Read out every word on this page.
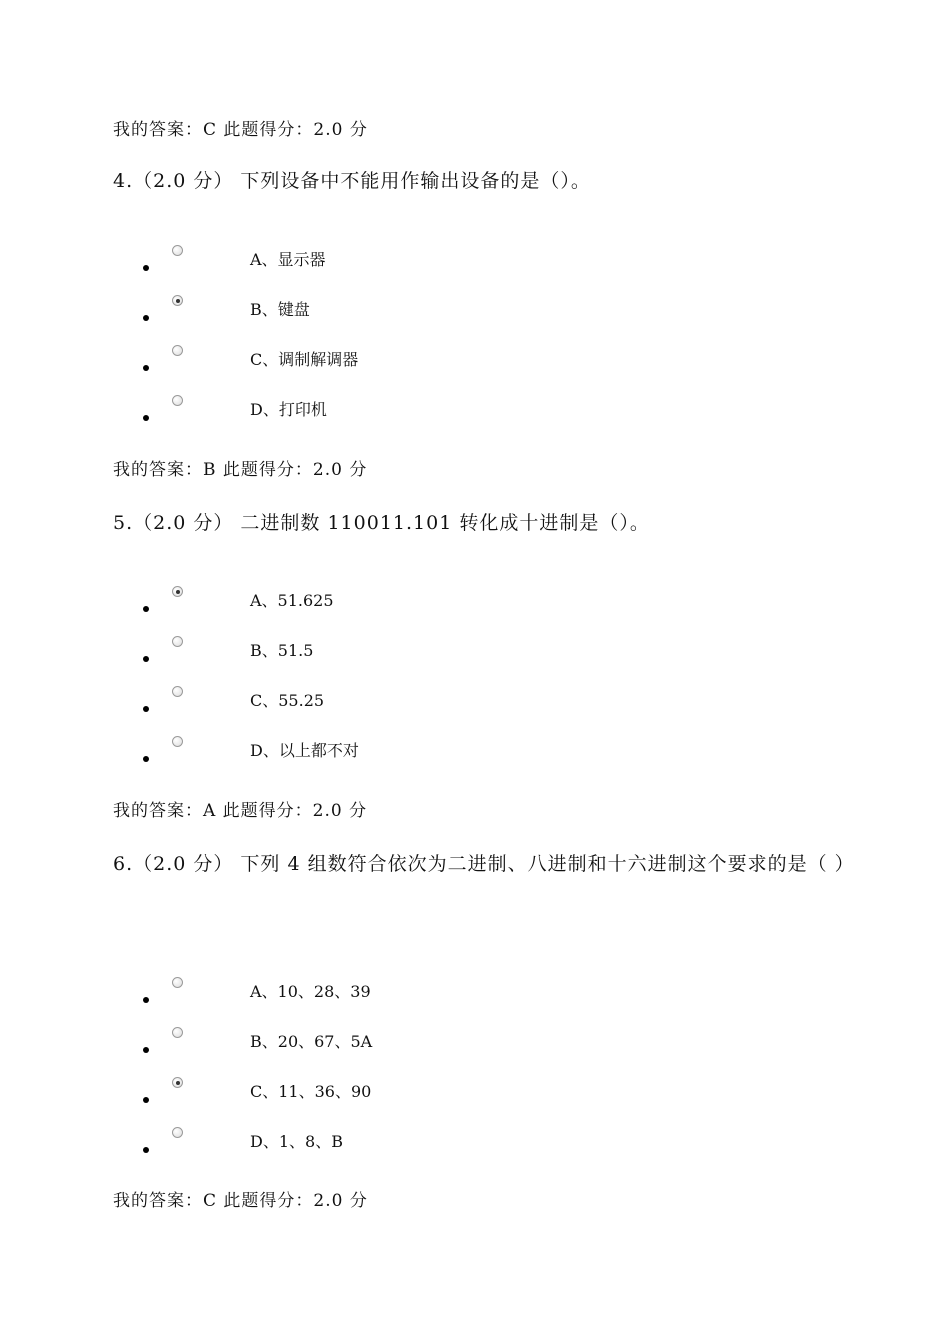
我的答案：C 此题得分：2.0 分
4.（2.0 分） 下列设备中不能用作输出设备的是（）。
A、显示器
B、键盘
C、调制解调器
D、打印机
我的答案：B 此题得分：2.0 分
5.（2.0 分） 二进制数 110011.101 转化成十进制是（）。
A、51.625
B、51.5
C、55.25
D、以上都不对
我的答案：A 此题得分：2.0 分
6.（2.0 分） 下列 4 组数符合依次为二进制、八进制和十六进制这个要求的是（ ）
A、10、28、39
B、20、67、5A
C、11、36、90
D、1、8、B
我的答案：C 此题得分：2.0 分
